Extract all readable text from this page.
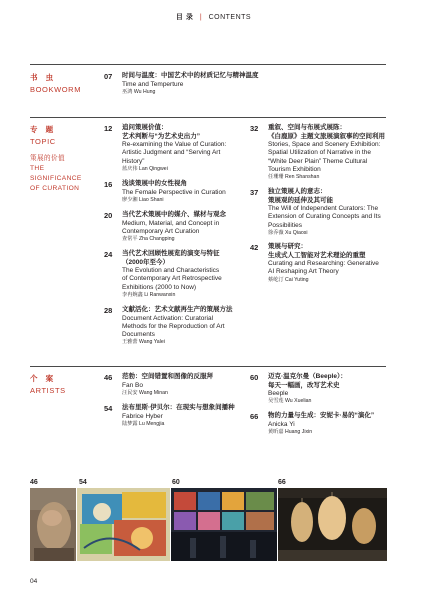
目 录 | CONTENTS
书 虫
BOOKWORM
07	时间与温度：中国艺术中的材质记忆与精神温度
Time and Temperture
巫鸿 Wu Hung
专 题
TOPIC
策展的价值
THE
SIGNIFICANCE
OF CURATION
12	追问策展价值：
艺术判断与“为艺术史出力”
Re-examining the Value of Curation:
Artistic Judgment and “Serving Art
History”
蓝庆伟 Lan Qingwei
16	浅谈策展中的女性视角
The Female Perspective in Curation
廖少湘 Liao Shani
20	当代艺术策展中的媒介、媒材与观念
Medium, Material, and Concept in
Contemporary Art Curation
查常平 Zha Changping
24	当代艺术回顾性展览的演变与特征
（2000年至今）
The Evolution and Characteristics
of Contemporary Art Retrospective
Exhibitions (2000 to Now)
李冉婉鑫 Li Ranwanxin
28	文献活化：艺术文献再生产的策展方法
Document Activation: Curatorial
Methods for the Reproduction of Art
Documents
王雅蕾 Wang Yalei
32	重叙、空间与布展式展陈：
《白鹿原》主题文旅展演叙事的空间利用
Stories, Space and Scenery Exhibition:
Spatial Utilization of Narrative in the
“White Deer Plain” Theme Cultural
Tourism Exhibition
任珊珊 Ren Shanshan
37	独立策展人的意志：
策展观的延伸及其可能
The Will of Independent Curators: The
Extension of Curating Concepts and Its
Possibilities
徐乔薇 Xu Qiaosi
42	策展与研究：
生成式人工智能对艺术理论的重塑
Curating and Researching: Generative
AI Reshaping Art Theory
蔡屹汀 Cai Yuting
个 案
ARTISTS
46	范勃：空间错置和图像的反服拜
Fan Bo
汪民安 Wang Minan
54	法布里斯·伊贝尔：在现实与想象间播种
Fabrice Hyber
陆梦露 Lu Mengjia
60	迈克·温克尔曼（Beeple）：
每天一幅画，改写艺术史
Beeple
吴雪莲 Wu Xuelian
66	物的力量与生成：安妮卡·易的“演化”
Anicka Yi
黄昕嘉 Huang Jixin
46	54	60	66
04
